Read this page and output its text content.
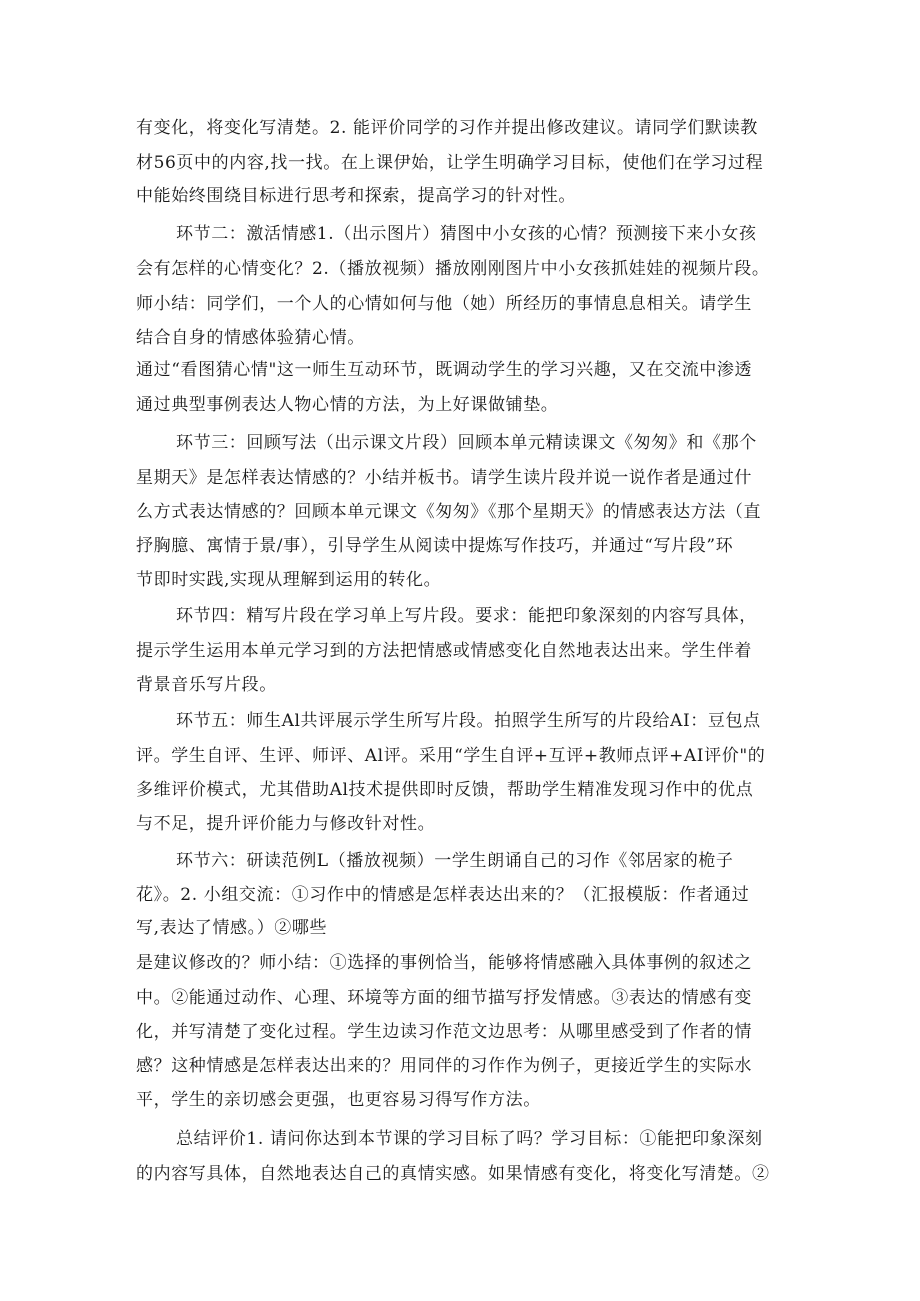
有变化，将变化写清楚。2. 能评价同学的习作并提出修改建议。请同学们默读教
材56页中的内容,找一找。在上课伊始，让学生明确学习目标，使他们在学习过程
中能始终围绕目标进行思考和探索，提高学习的针对性。
环节二：激活情感1.（出示图片）猜图中小女孩的心情？预测接下来小女孩
会有怎样的心情变化？2.（播放视频）播放刚刚图片中小女孩抓娃娃的视频片段。
师小结：同学们，一个人的心情如何与他（她）所经历的事情息息相关。请学生
结合自身的情感体验猜心情。
通过“看图猜心情"这一师生互动环节，既调动学生的学习兴趣，又在交流中渗透
通过典型事例表达人物心情的方法，为上好课做铺垫。
环节三：回顾写法（出示课文片段）回顾本单元精读课文《匆匆》和《那个
星期天》是怎样表达情感的？小结并板书。请学生读片段并说一说作者是通过什
么方式表达情感的？回顾本单元课文《匆匆》《那个星期天》的情感表达方法（直
抒胸臆、寓情于景/事），引导学生从阅读中提炼写作技巧，并通过“写片段”环
节即时实践,实现从理解到运用的转化。
环节四：精写片段在学习单上写片段。要求：能把印象深刻的内容写具体，
提示学生运用本单元学习到的方法把情感或情感变化自然地表达出来。学生伴着
背景音乐写片段。
环节五：师生Al共评展示学生所写片段。拍照学生所写的片段给AI：豆包点
评。学生自评、生评、师评、Al评。采用“学生自评+互评+教师点评+AI评价"的
多维评价模式，尤其借助Al技术提供即时反馈，帮助学生精准发现习作中的优点
与不足，提升评价能力与修改针对性。
环节六：研读范例L（播放视频）一学生朗诵自己的习作《邻居家的桅子
花》。2. 小组交流：①习作中的情感是怎样表达出来的？（汇报模版：作者通过
写,表达了情感。）②哪些
是建议修改的？师小结：①选择的事例恰当，能够将情感融入具体事例的叙述之
中。②能通过动作、心理、环境等方面的细节描写抒发情感。③表达的情感有变
化，并写清楚了变化过程。学生边读习作范文边思考：从哪里感受到了作者的情
感？这种情感是怎样表达出来的？用同伴的习作作为例子，更接近学生的实际水
平，学生的亲切感会更强，也更容易习得写作方法。
总结评价1. 请问你达到本节课的学习目标了吗？学习目标：①能把印象深刻
的内容写具体，自然地表达自己的真情实感。如果情感有变化，将变化写清楚。②
